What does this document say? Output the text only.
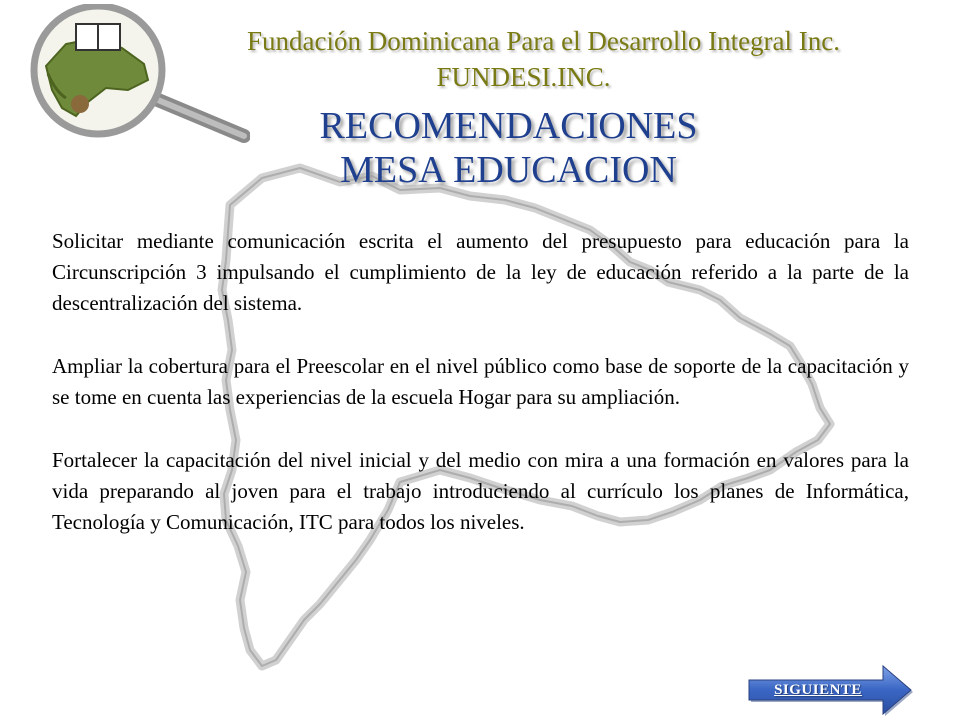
Fundación Dominicana Para el Desarrollo Integral Inc.
FUNDESI.INC.
RECOMENDACIONES
MESA EDUCACION

Solicitar mediante comunicación escrita el aumento del presupuesto para educación para la Circunscripción 3 impulsando el cumplimiento de la ley de educación referido a la parte de la descentralización del sistema.

Ampliar la cobertura para el Preescolar en el nivel público como base de soporte de la capacitación y se tome en cuenta las experiencias de la escuela Hogar para su ampliación.

Fortalecer la capacitación del nivel inicial y del medio con mira a una formación en valores para la vida preparando al joven para el trabajo introduciendo al currículo los planes de Informática, Tecnología y Comunicación, ITC para todos los niveles.

SIGUIENTE
